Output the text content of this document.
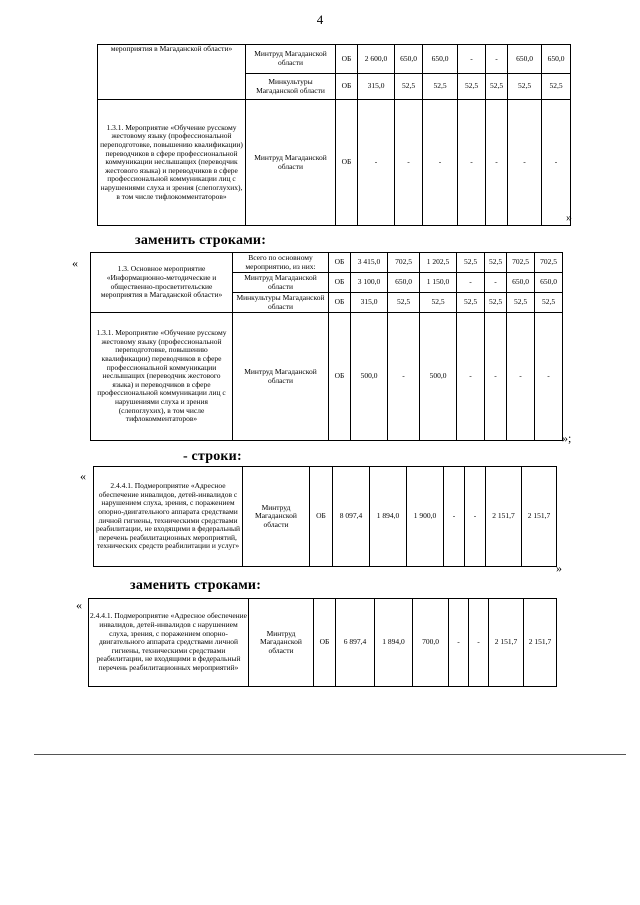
4
мероприятия в Магаданской области»	Минтруд Магаданской области	ОБ	2 600,0	650,0	650,0	-	-	650,0	650,0
	Минкультуры Магаданской области	ОБ	315,0	52,5	52,5	52,5	52,5	52,5	52,5
1.3.1. Мероприятие «Обучение русскому жестовому языку (профессиональной переподготовке, повышению квалификации) переводчиков в сфере профессиональной коммуникации неслышащих (переводчик жестового языка) и переводчиков в сфере профессиональной коммуникации лиц с нарушениями слуха и зрения (слепоглухих), в том числе тифлокомментаторов»	Минтруд Магаданской области	ОБ	-	-	-	-	-	-	-
»
заменить строками:
«	1.3. Основное мероприятие «Информационно-методические и общественно-просветительские мероприятия в Магаданской области»	Всего по основному мероприятию, из них:	ОБ	3 415,0	702,5	1 202,5	52,5	52,5	702,5	702,5
	Минтруд Магаданской области	ОБ	3 100,0	650,0	1 150,0	-	-	650,0	650,0
	Минкультуры Магаданской области	ОБ	315,0	52,5	52,5	52,5	52,5	52,5	52,5
1.3.1. Мероприятие «Обучение русскому жестовому языку (профессиональной переподготовке, повышению квалификации) переводчиков в сфере профессиональной коммуникации неслышащих (переводчик жестового языка) и переводчиков в сфере профессиональной коммуникации лиц с нарушениями слуха и зрения (слепоглухих), в том числе тифлокомментаторов»	Минтруд Магаданской области	ОБ	500,0	-	500,0	-	-	-	-
»;
- строки:
«
2.4.4.1. Подмероприятие «Адресное обеспечение инвалидов, детей-инвалидов с нарушением слуха, зрения, с поражением опорно-двигательного аппарата средствами личной гигиены, техническими средствами реабилитации, не входящими в федеральный перечень реабилитационных мероприятий, технических средств реабилитации и услуг»	Минтруд Магаданской области	ОБ	8 097,4	1 894,0	1 900,0	-	-	2 151,7	2 151,7
»
заменить строками:
«
2.4.4.1. Подмероприятие «Адресное обеспечение инвалидов, детей-инвалидов с нарушением слуха, зрения, с поражением опорно-двигательного аппарата средствами личной гигиены, техническими средствами реабилитации, не входящими в федеральный перечень реабилитационных мероприятий»	Минтруд Магаданской области	ОБ	6 897,4	1 894,0	700,0	-	-	2 151,7	2 151,7
